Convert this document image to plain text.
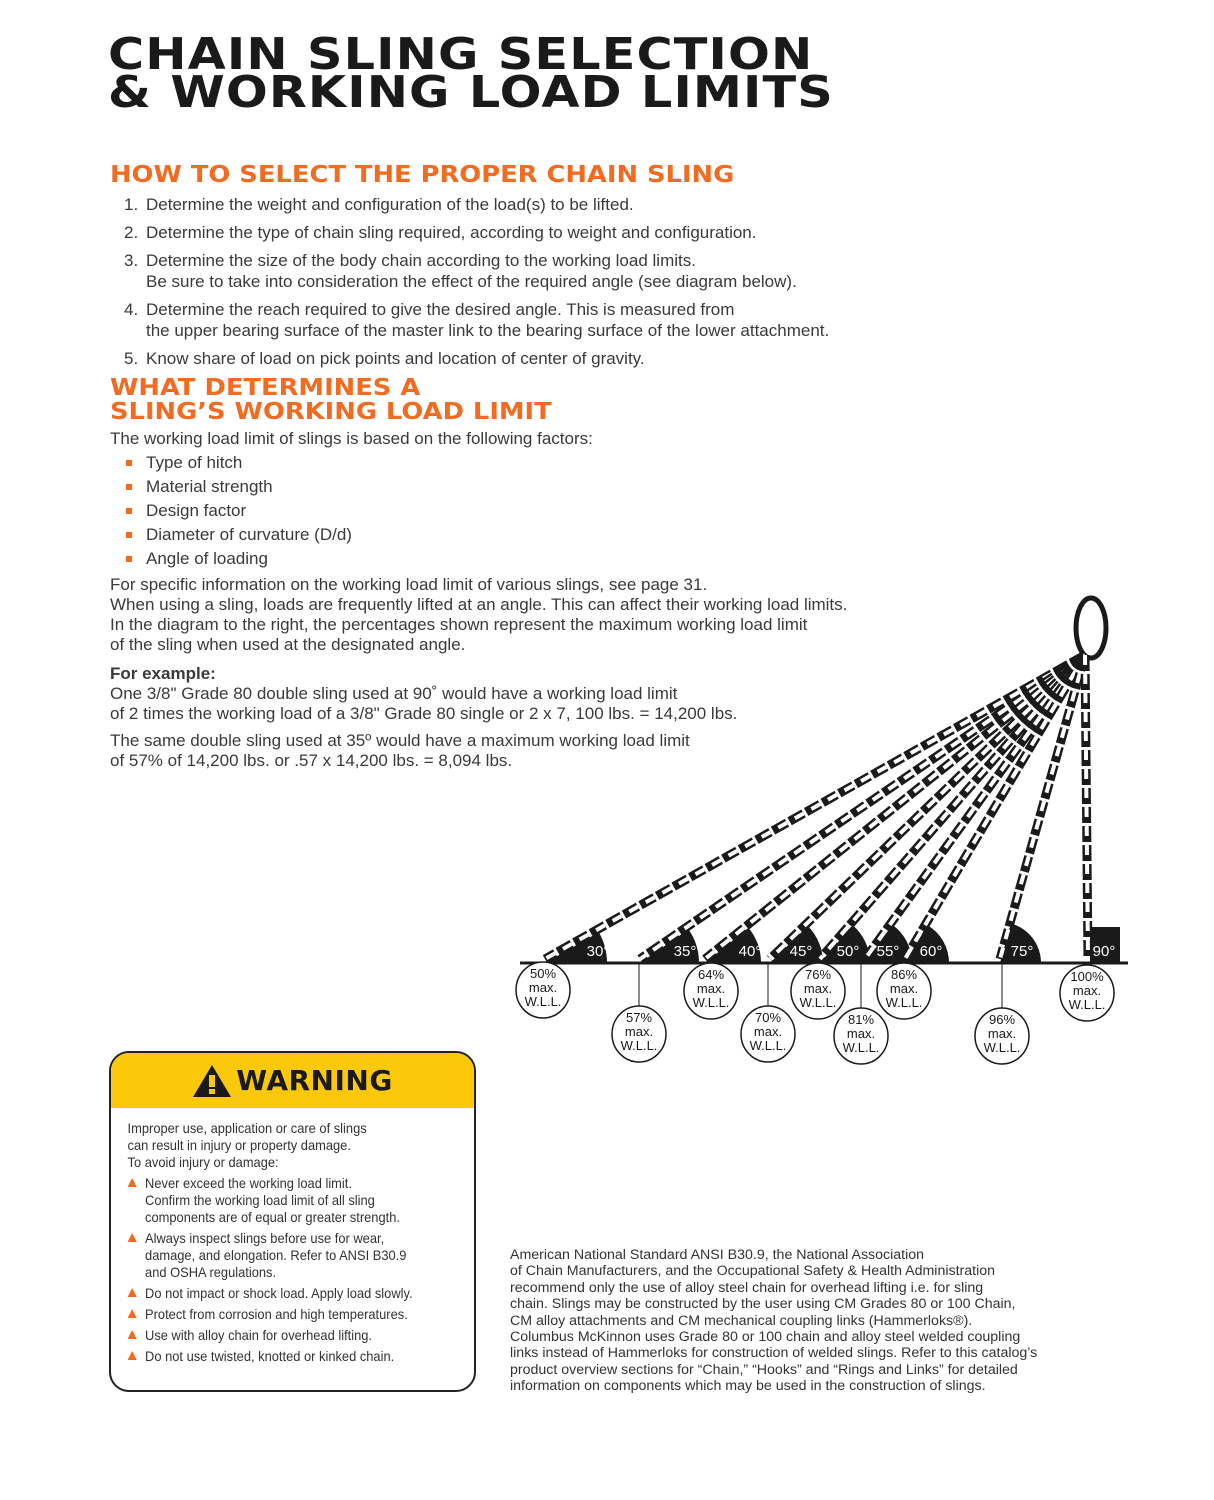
CHAIN SLING SELECTION
& WORKING LOAD LIMITS
HOW TO SELECT THE PROPER CHAIN SLING
1. Determine the weight and configuration of the load(s) to be lifted.
2. Determine the type of chain sling required, according to weight and configuration.
3. Determine the size of the body chain according to the working load limits.
Be sure to take into consideration the effect of the required angle (see diagram below).
4. Determine the reach required to give the desired angle. This is measured from
the upper bearing surface of the master link to the bearing surface of the lower attachment.
5. Know share of load on pick points and location of center of gravity.
WHAT DETERMINES A
SLING’S WORKING LOAD LIMIT
The working load limit of slings is based on the following factors:
Type of hitch
Material strength
Design factor
Diameter of curvature (D/d)
Angle of loading
For specific information on the working load limit of various slings, see page 31.
When using a sling, loads are frequently lifted at an angle. This can affect their working load limits.
In the diagram to the right, the percentages shown represent the maximum working load limit
of the sling when used at the designated angle.
For example:
One 3/8" Grade 80 double sling used at 90˚ would have a working load limit
of 2 times the working load of a 3/8" Grade 80 single or 2 x 7, 100 lbs. = 14,200 lbs.
The same double sling used at 35º would have a maximum working load limit
of 57% of 14,200 lbs. or .57 x 14,200 lbs. = 8,094 lbs.
30°
50%
max.
W.L.L.
35°
57%
max.
W.L.L.
40°
64%
max.
W.L.L.
45°
70%
max.
W.L.L.
50°
76%
max.
W.L.L.
55°
81%
max.
W.L.L.
60°
86%
max.
W.L.L.
75°
96%
max.
W.L.L.
90°
100%
max.
W.L.L.
WARNING
Improper use, application or care of slings
can result in injury or property damage.
To avoid injury or damage:
Never exceed the working load limit.
Confirm the working load limit of all sling
components are of equal or greater strength.
Always inspect slings before use for wear,
damage, and elongation. Refer to ANSI B30.9
and OSHA regulations.
Do not impact or shock load. Apply load slowly.
Protect from corrosion and high temperatures.
Use with alloy chain for overhead lifting.
Do not use twisted, knotted or kinked chain.
American National Standard ANSI B30.9, the National Association
of Chain Manufacturers, and the Occupational Safety & Health Administration
recommend only the use of alloy steel chain for overhead lifting i.e. for sling
chain. Slings may be constructed by the user using CM Grades 80 or 100 Chain,
CM alloy attachments and CM mechanical coupling links (Hammerloks®).
Columbus McKinnon uses Grade 80 or 100 chain and alloy steel welded coupling
links instead of Hammerloks for construction of welded slings. Refer to this catalog’s
product overview sections for “Chain,” “Hooks” and “Rings and Links” for detailed
information on components which may be used in the construction of slings.
